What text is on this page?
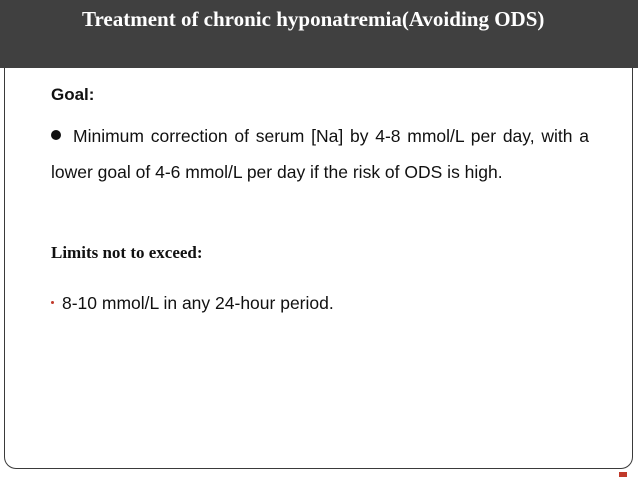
Treatment of chronic hyponatremia(Avoiding ODS)
Goal:

Minimum correction of serum [Na] by 4-8 mmol/L per day, with a lower goal of 4-6 mmol/L per day if the risk of ODS is high.

Limits not to exceed:

8-10 mmol/L in any 24-hour period.
